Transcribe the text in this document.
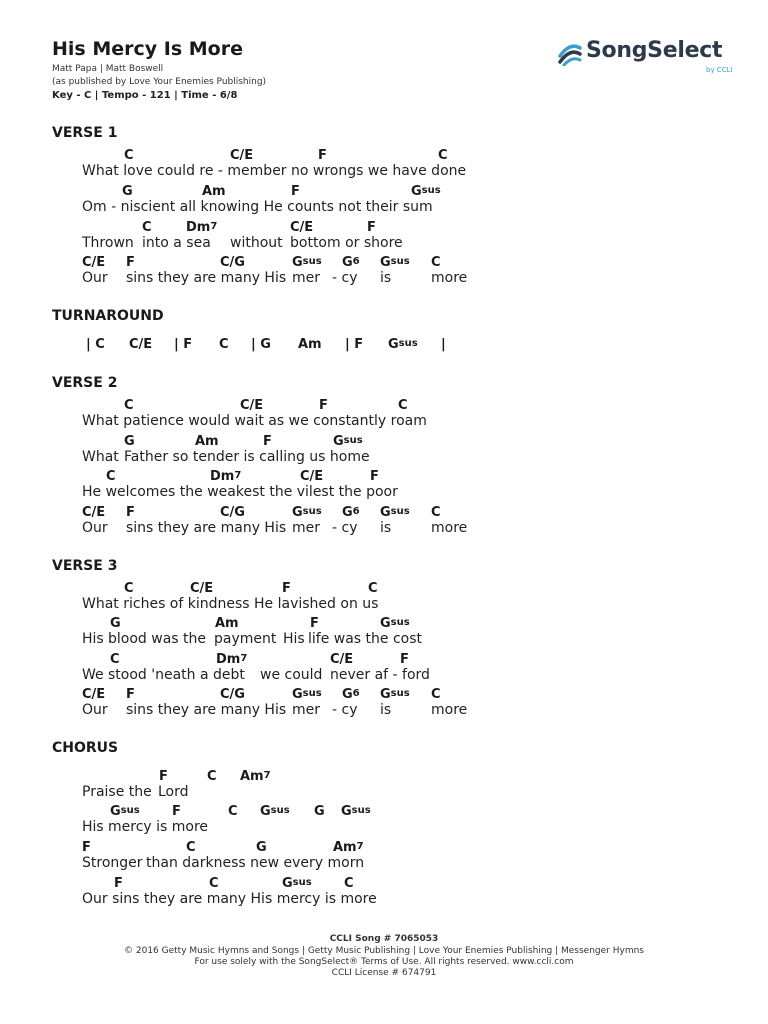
His Mercy Is More
Matt Papa | Matt Boswell
(as published by Love Your Enemies Publishing)
Key - C | Tempo - 121 | Time - 6/8
SongSelect
by CCLI
VERSE 1
C	C/E	F	C
What love could re - member no wrongs we have done
G	Am	F	$G^{sus}$
Om - niscient all knowing He counts not their sum
C	Dm$^7$	C/E	F
Thrown into a sea without bottom or shore
C/E F	C/G	$G^{sus}$ $G^6$ $G^{sus}$ C
Our sins they are many His mer - cy is	more
TURNAROUND
| C C/E | F C | G Am | F $G^{sus}$ |
VERSE 2
C	C/E	F	C
What patience would wait as we constantly roam
G	Am	F	$G^{sus}$
What Father so tender is calling us home
C	Dm$^7$	C/E	F
He welcomes the weakest the vilest the poor
C/E F	C/G	$G^{sus}$ $G^6$ $G^{sus}$ C
Our sins they are many His mer - cy is	more
VERSE 3
C	C/E	F	C
What riches of kindness He lavished on us
G	Am	F	$G^{sus}$
His blood was the payment His life was the cost
C	Dm$^7$	C/E	F
We stood 'neath a debt we could never af - ford
C/E F	C/G	$G^{sus}$ $G^6$ $G^{sus}$ C
Our sins they are many His mer - cy is	more
CHORUS
F	C Am$^7$
Praise the Lord
$G^{sus}$ F	C $G^{sus}$ G $G^{sus}$
His mercy is more
F	C	G	Am$^7$
Stronger than darkness new every morn
F	C	$G^{sus}$ C
Our sins they are many His mercy is more
CCLI Song # 7065053
© 2016 Getty Music Hymns and Songs | Getty Music Publishing | Love Your Enemies Publishing | Messenger Hymns
For use solely with the SongSelect® Terms of Use. All rights reserved. www.ccli.com
CCLI License # 674791
